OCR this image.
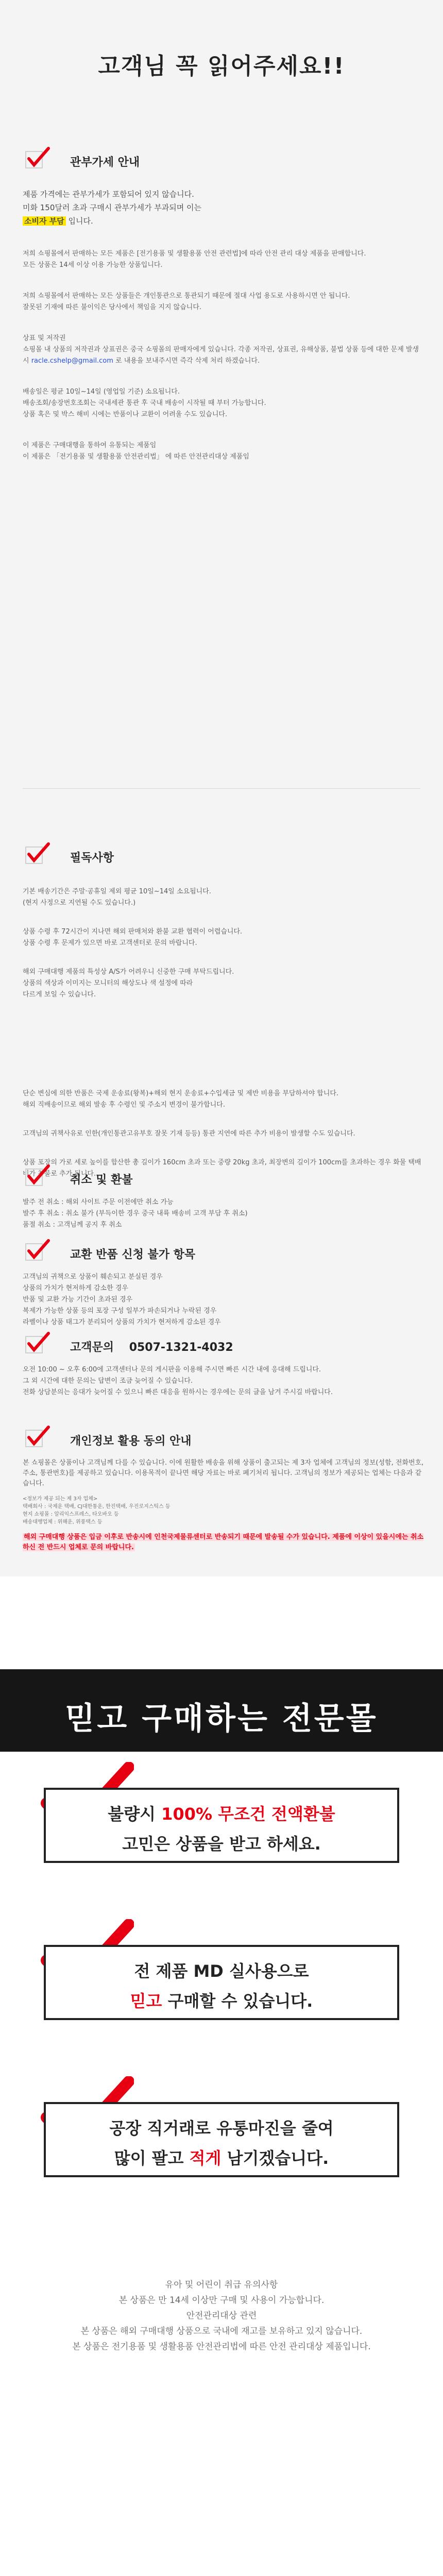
고객님 꼭 읽어주세요!!
관부가세 안내

제품 가격에는 관부가세가 포함되어 있지 않습니다.
미화 150달러 초과 구매시 관부가세가 부과되며 이는
소비자 부담 입니다.

저희 쇼핑몰에서 판매하는 모든 제품은 [전기용품 및 생활용품 안전 관련법]에 따라 안전 관리 대상 제품을 판매합니다.
모든 상품은 14세 이상 이용 가능한 상품입니다.

저희 쇼핑몰에서 판매하는 모든 상품들은 개인통관으로 통관되기 때문에 절대 사업 용도로 사용하시면 안 됩니다.
잘못된 기재에 따른 불이익은 당사에서 책임을 지지 않습니다.

상표 및 저작권
쇼핑몰 내 상품의 저작권과 상표권은 중국 쇼핑몰의 판매자에게 있습니다. 각종 저작권, 상표권, 유해상품, 불법 상품 등에 대한 문제 발생 시 racle.cshelp@gmail.com 로 내용을 보내주시면 즉각 삭제 처리 하겠습니다.

배송일은 평균 10일~14일 (영업일 기준) 소요됩니다.
배송조회/송장번호조회는 국내세관 통관 후 국내 배송이 시작될 때 부터 가능합니다.
상품 혹은 및 박스 해비 시에는 반품이나 교환이 어려울 수도 있습니다.

이 제품은 구매대행을 통하여 유통되는 제품임
이 제품은 「전기용품 및 생활용품 안전관리법」 에 따른 안전관리대상 제품임

필독사항

기본 배송기간은 주말·공휴일 제외 평균 10일~14일 소요됩니다.
(현지 사정으로 지연될 수도 있습니다.)

상품 수령 후 72시간이 지나면 해외 판매처와 환불 교환 협력이 어렵습니다.
상품 수령 후 문제가 있으면 바로 고객센터로 문의 바랍니다.

해외 구매대행 제품의 특성상 A/S가 어려우니 신중한 구매 부탁드립니다.
상품의 색상과 이미지는 모니터의 해상도나 색 설정에 따라
다르게 보일 수 있습니다.

단순 변심에 의한 반품은 국제 운송료(왕복)+해외 현지 운송료+수입세금 및 제반 비용을 부담하셔야 합니다.
해외 직배송이므로 해외 발송 후 수령인 및 주소지 변경이 불가합니다.

고객님의 귀책사유로 인한(개인통관고유부호 잘못 기재 등등) 통관 지연에 따른 추가 비용이 발생할 수도 있습니다.

상품 포장의 가로 세로 높이를 합산한 총 길이가 160cm 초과 또는 중량 20kg 초과, 최장변의 길이가 100cm를 초과하는 경우 화물 택배비가 착불로 추가 됩니다.

취소 및 환불

발주 전 취소 : 해외 사이트 주문 이전에만 취소 가능
발주 후 취소 : 취소 불가 (부득이한 경우 중국 내륙 배송비 고객 부담 후 취소)
품절 취소 : 고객님께 공지 후 취소

교환 반품 신청 불가 항목

고객님의 귀책으로 상품이 훼손되고 분실된 경우
상품의 가치가 현저하게 감소한 경우
반품 및 교환 가능 기간이 초과된 경우
복제가 가능한 상품 등의 포장 구성 일부가 파손되거나 누락된 경우
라벨이나 상품 태그가 분리되어 상품의 가치가 현저하게 감소된 경우

고객문의 0507-1321-4032

오전 10:00 ~ 오후 6:00에 고객센터나 문의 게시판을 이용해 주시면 빠른 시간 내에 응대해 드립니다.
그 외 시간에 대한 문의는 답변이 조금 늦어질 수 있습니다.
전화 상담분의는 응대가 늦어질 수 있으니 빠른 대응을 원하시는 경우에는 문의 글을 남겨 주시길 바랍니다.

개인정보 활용 동의 안내

본 쇼핑몰은 상품이나 고객님께 다를 수 있습니다. 이에 원활한 배송을 위해 상품이 출고되는 제 3자 업체에 고객님의 정보(성함, 전화번호, 주소, 통관번호)를 제공하고 있습니다. 이용목적이 끝나면 해당 자료는 바로 폐기처리 됩니다. 고객님의 정보가 제공되는 업체는 다음과 같습니다.

<정보가 제공 되는 제 3자 업체>
택배회사 : 국제운 택배, CJ대한통운, 한진택배, 우진로지스틱스 등
현지 쇼핑몰 : 알리익스프레스, 타오바오 등
배송대행업체 : 위해운, 위풍택스 등

해외 구매대행 상품은 입금 이후로 반송시에 인천국제물류센터로 반송되기 때문에 발송될 수가 있습니다. 제품에 이상이 있을시에는 취소하신 전 반드시 업체로 문의 바랍니다.

믿고 구매하는 전문몰
불량시 100% 무조건 전액환불
고민은 상품을 받고 하세요.
전 제품 MD 실사용으로
믿고 구매할 수 있습니다.
공장 직거래로 유통마진을 줄여
많이 팔고 적게 남기겠습니다.
유아 및 어린이 취급 유의사항
본 상품은 만 14세 이상만 구매 및 사용이 가능합니다.
안전관리대상 관련
본 상품은 해외 구매대행 상품으로 국내에 재고를 보유하고 있지 않습니다.
본 상품은 전기용품 및 생활용품 안전관리법에 따른 안전 관리대상 제품입니다.
